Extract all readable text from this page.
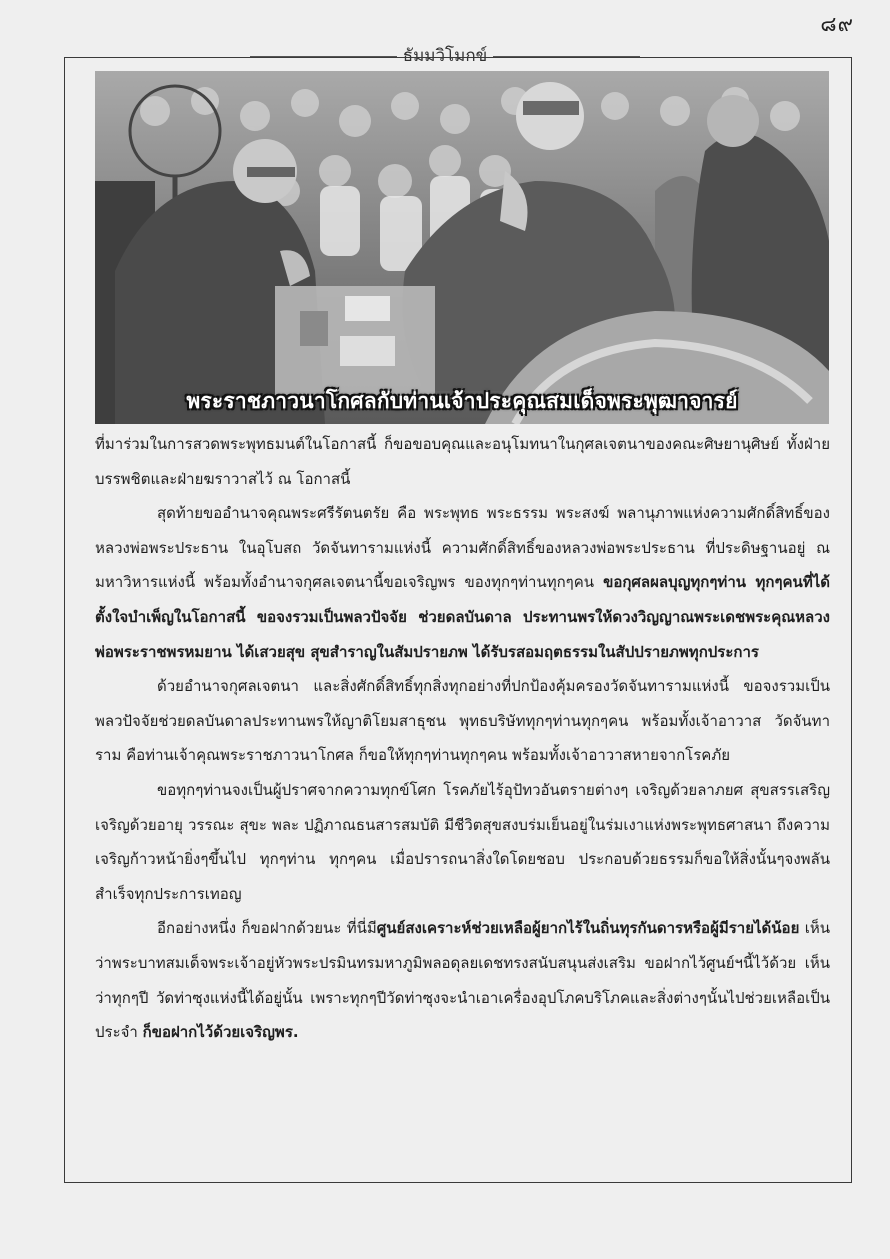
๘๙
ธัมมวิโมกข์
พระราชภาวนาโกศลกับท่านเจ้าประคุณสมเด็จพระพุฒาจารย์

ที่มาร่วมในการสวดพระพุทธมนต์ในโอกาสนี้ ก็ขอขอบคุณและอนุโมทนาในกุศลเจตนาของคณะศิษยานุศิษย์ ทั้งฝ่ายบรรพชิตและฝ่ายฆราวาสไว้ ณ โอกาสนี้

สุดท้ายขออำนาจคุณพระศรีรัตนตรัย คือ พระพุทธ พระธรรม พระสงฆ์ พลานุภาพแห่งความศักดิ์สิทธิ์ของหลวงพ่อพระประธาน ในอุโบสถ วัดจันทารามแห่งนี้ ความศักดิ์สิทธิ์ของหลวงพ่อพระประธาน ที่ประดิษฐานอยู่ ณ มหาวิหารแห่งนี้ พร้อมทั้งอำนาจกุศลเจตนานี้ขอเจริญพร ของทุกๆท่านทุกๆคน ขอกุศลผลบุญทุกๆท่าน ทุกๆคนที่ได้ตั้งใจบำเพ็ญในโอกาสนี้ ขอจงรวมเป็นพลวปัจจัย ช่วยดลบันดาล ประทานพรให้ดวงวิญญาณพระเดชพระคุณหลวงพ่อพระราชพรหมยาน ได้เสวยสุข สุขสำราญในสัมปรายภพ ได้รับรสอมฤตธรรมในสัปปรายภพทุกประการ

ด้วยอำนาจกุศลเจตนา และสิ่งศักดิ์สิทธิ์ทุกสิ่งทุกอย่างที่ปกป้องคุ้มครองวัดจันทารามแห่งนี้ ขอจงรวมเป็นพลวปัจจัยช่วยดลบันดาลประทานพรให้ญาติโยมสาธุชน พุทธบริษัททุกๆท่านทุกๆคน พร้อมทั้งเจ้าอาวาส วัดจันทาราม คือท่านเจ้าคุณพระราชภาวนาโกศล ก็ขอให้ทุกๆท่านทุกๆคน พร้อมทั้งเจ้าอาวาสหายจากโรคภัย

ขอทุกๆท่านจงเป็นผู้ปราศจากความทุกข์โศก โรคภัยไร้อุปัทวอันตรายต่างๆ เจริญด้วยลาภยศ สุขสรรเสริญ เจริญด้วยอายุ วรรณะ สุขะ พละ ปฏิภาณธนสารสมบัติ มีชีวิตสุขสงบร่มเย็นอยู่ในร่มเงาแห่งพระพุทธศาสนา ถึงความเจริญก้าวหน้ายิ่งๆขึ้นไป ทุกๆท่าน ทุกๆคน เมื่อปรารถนาสิ่งใดโดยชอบ ประกอบด้วยธรรมก็ขอให้สิ่งนั้นๆจงพลันสำเร็จทุกประการเทอญ

อีกอย่างหนึ่ง ก็ขอฝากด้วยนะ ที่นี่มีศูนย์สงเคราะห์ช่วยเหลือผู้ยากไร้ในถิ่นทุรกันดารหรือผู้มีรายได้น้อย เห็นว่าพระบาทสมเด็จพระเจ้าอยู่หัวพระปรมินทรมหาภูมิพลอดุลยเดชทรงสนับสนุนส่งเสริม ขอฝากไว้ศูนย์ฯนี้ไว้ด้วย เห็นว่าทุกๆปี วัดท่าซุงแห่งนี้ได้อยู่นั้น เพราะทุกๆปีวัดท่าซุงจะนำเอาเครื่องอุปโภคบริโภคและสิ่งต่างๆนั้นไปช่วยเหลือเป็นประจำ ก็ขอฝากไว้ด้วยเจริญพร.
